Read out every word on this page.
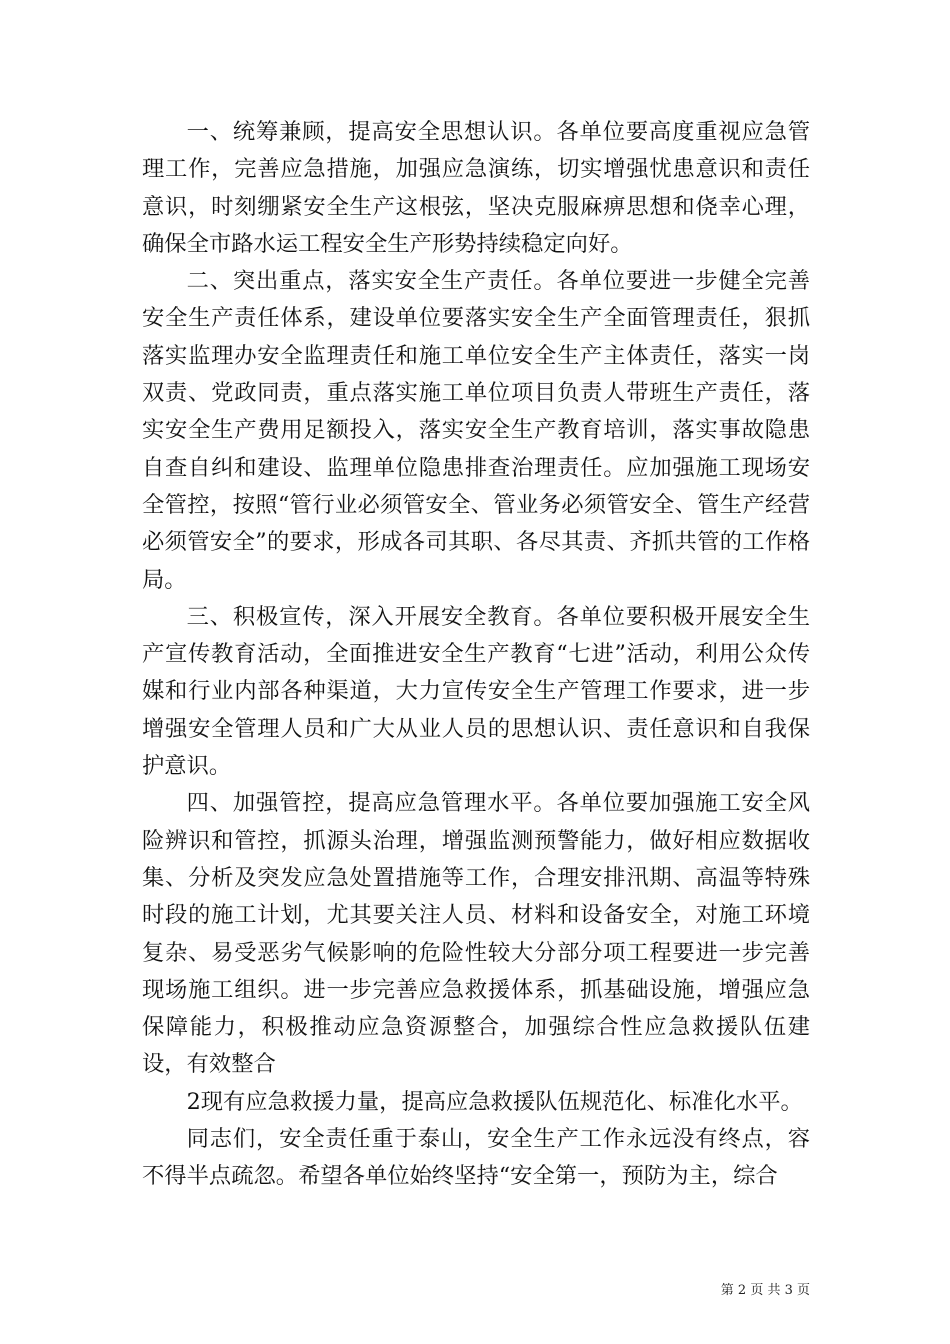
一、统筹兼顾，提高安全思想认识。各单位要高度重视应急管理工作，完善应急措施，加强应急演练，切实增强忧患意识和责任意识，时刻绷紧安全生产这根弦，坚决克服麻痹思想和侥幸心理，确保全市路水运工程安全生产形势持续稳定向好。

二、突出重点，落实安全生产责任。各单位要进一步健全完善安全生产责任体系，建设单位要落实安全生产全面管理责任，狠抓落实监理办安全监理责任和施工单位安全生产主体责任，落实一岗双责、党政同责，重点落实施工单位项目负责人带班生产责任，落实安全生产费用足额投入，落实安全生产教育培训，落实事故隐患自查自纠和建设、监理单位隐患排查治理责任。应加强施工现场安全管控，按照“管行业必须管安全、管业务必须管安全、管生产经营必须管安全”的要求，形成各司其职、各尽其责、齐抓共管的工作格局。

三、积极宣传，深入开展安全教育。各单位要积极开展安全生产宣传教育活动，全面推进安全生产教育“七进”活动，利用公众传媒和行业内部各种渠道，大力宣传安全生产管理工作要求，进一步增强安全管理人员和广大从业人员的思想认识、责任意识和自我保护意识。

四、加强管控，提高应急管理水平。各单位要加强施工安全风险辨识和管控，抓源头治理，增强监测预警能力，做好相应数据收集、分析及突发应急处置措施等工作，合理安排汛期、高温等特殊时段的施工计划，尤其要关注人员、材料和设备安全，对施工环境复杂、易受恶劣气候影响的危险性较大分部分项工程要进一步完善现场施工组织。进一步完善应急救援体系，抓基础设施，增强应急保障能力，积极推动应急资源整合，加强综合性应急救援队伍建设，有效整合

2现有应急救援力量，提高应急救援队伍规范化、标准化水平。

同志们，安全责任重于泰山，安全生产工作永远没有终点，容不得半点疏忽。希望各单位始终坚持“安全第一，预防为主，综合

第 2 页 共 3 页
